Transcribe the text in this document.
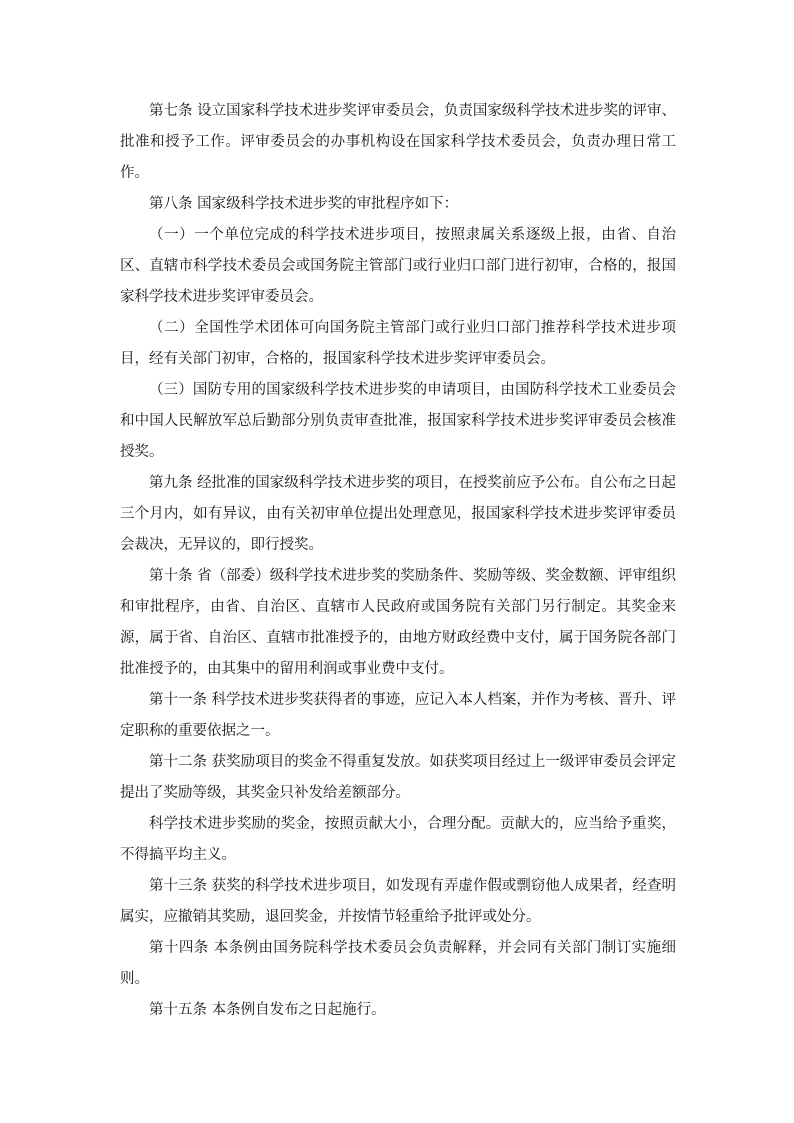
第七条 设立国家科学技术进步奖评审委员会，负责国家级科学技术进步奖的评审、批准和授予工作。评审委员会的办事机构设在国家科学技术委员会，负责办理日常工作。

第八条 国家级科学技术进步奖的审批程序如下：

（一）一个单位完成的科学技术进步项目，按照隶属关系逐级上报，由省、自治区、直辖市科学技术委员会或国务院主管部门或行业归口部门进行初审，合格的，报国家科学技术进步奖评审委员会。

（二）全国性学术团体可向国务院主管部门或行业归口部门推荐科学技术进步项目，经有关部门初审，合格的，报国家科学技术进步奖评审委员会。

（三）国防专用的国家级科学技术进步奖的申请项目，由国防科学技术工业委员会和中国人民解放军总后勤部分别负责审查批准，报国家科学技术进步奖评审委员会核准授奖。

第九条 经批准的国家级科学技术进步奖的项目，在授奖前应予公布。自公布之日起三个月内，如有异议，由有关初审单位提出处理意见，报国家科学技术进步奖评审委员会裁决，无异议的，即行授奖。

第十条 省（部委）级科学技术进步奖的奖励条件、奖励等级、奖金数额、评审组织和审批程序，由省、自治区、直辖市人民政府或国务院有关部门另行制定。其奖金来源，属于省、自治区、直辖市批准授予的，由地方财政经费中支付，属于国务院各部门批准授予的，由其集中的留用利润或事业费中支付。

第十一条 科学技术进步奖获得者的事迹，应记入本人档案，并作为考核、晋升、评定职称的重要依据之一。

第十二条 获奖励项目的奖金不得重复发放。如获奖项目经过上一级评审委员会评定提出了奖励等级，其奖金只补发给差额部分。

科学技术进步奖励的奖金，按照贡献大小，合理分配。贡献大的，应当给予重奖，不得搞平均主义。

第十三条 获奖的科学技术进步项目，如发现有弄虚作假或剽窃他人成果者，经查明属实，应撤销其奖励，退回奖金，并按情节轻重给予批评或处分。

第十四条 本条例由国务院科学技术委员会负责解释，并会同有关部门制订实施细则。

第十五条 本条例自发布之日起施行。
